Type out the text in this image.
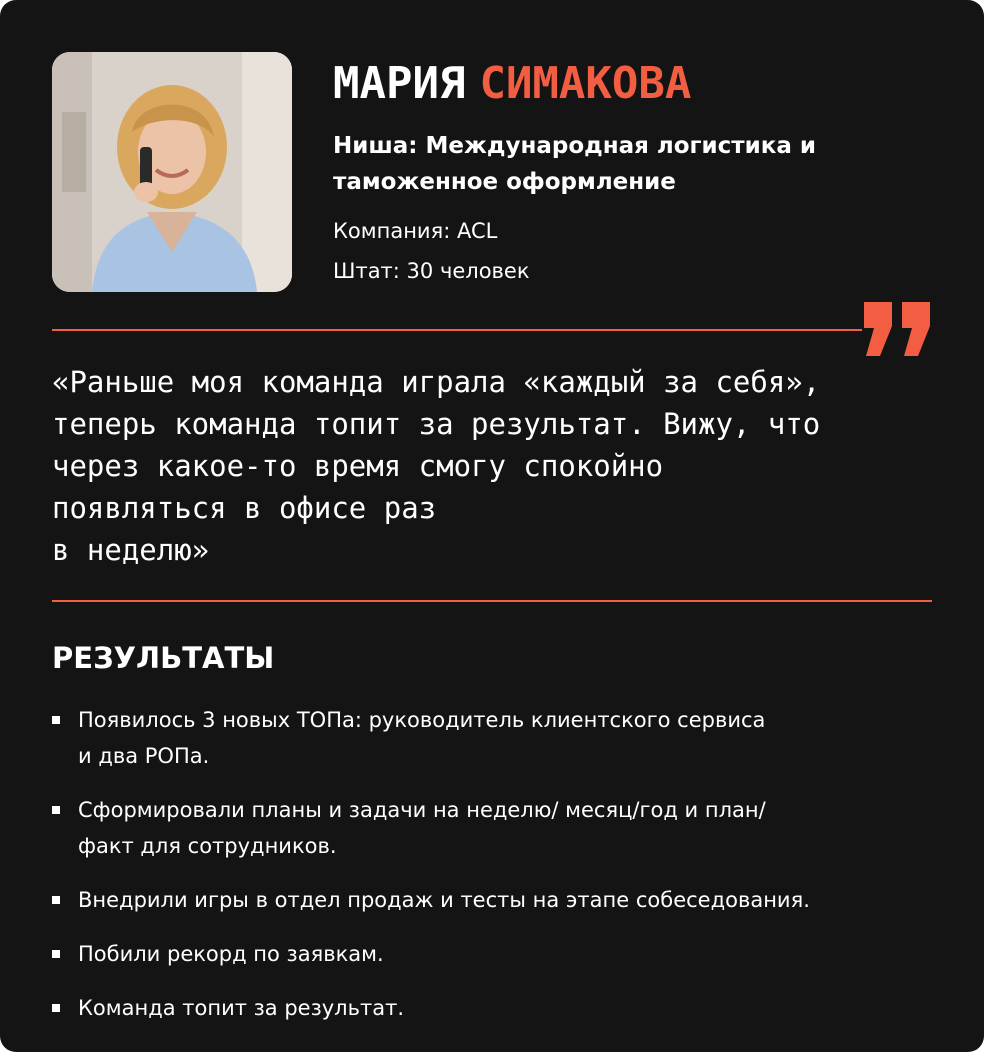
МАРИЯ СИМАКОВА
Ниша: Международная логистика и таможенное оформление
Компания: ACL
Штат: 30 человек

«Раньше моя команда играла «каждый за себя»,
теперь команда топит за результат. Вижу, что
через какое-то время смогу спокойно
появляться в офисе раз
в неделю»

РЕЗУЛЬТАТЫ
Появилось 3 новых ТОПа: руководитель клиентского сервиса
и два РОПа.
Сформировали планы и задачи на неделю/ месяц/год и план/
факт для сотрудников.
Внедрили игры в отдел продаж и тесты на этапе собеседования.
Побили рекорд по заявкам.
Команда топит за результат.
